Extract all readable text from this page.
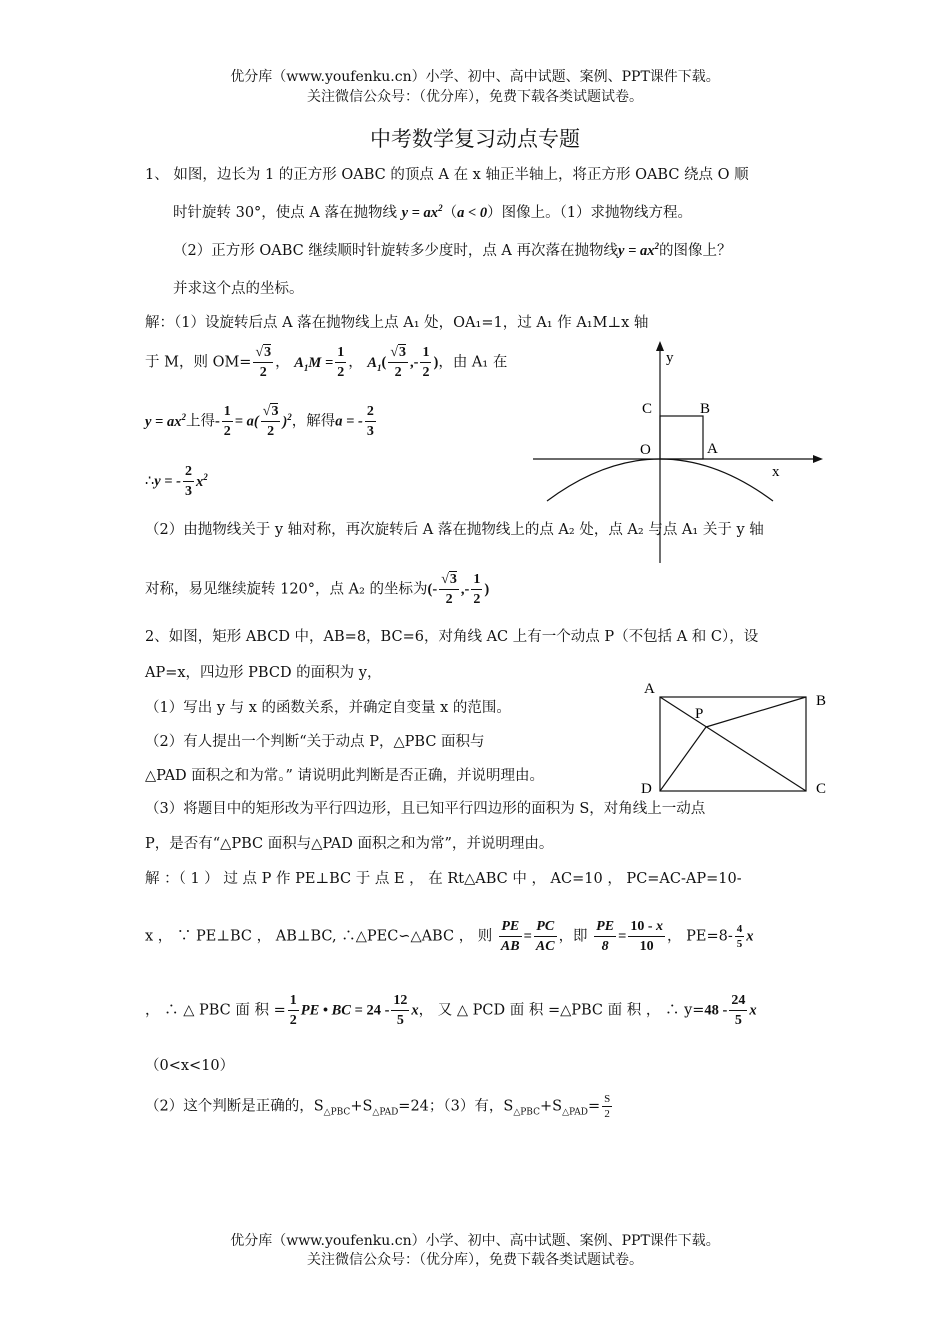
优分库（www.youfenku.cn）小学、初中、高中试题、案例、PPT课件下载。
关注微信公众号：（优分库），免费下载各类试题试卷。
中考数学复习动点专题
1、 如图，边长为 1 的正方形 OABC 的顶点 A 在 x 轴正半轴上，将正方形 OABC 绕点 O 顺
时针旋转 30°，使点 A 落在抛物线 $y = ax^2(a < 0)$图像上。（1）求抛物线方程。
（2）正方形 OABC 继续顺时针旋转多少度时，点 A 再次落在抛物线$y = ax^2$的图像上？
并求这个点的坐标。
解：（1）设旋转后点 A 落在抛物线上点 A₁ 处，OA₁=1，过 A₁ 作 A₁M⊥x 轴
于 M，则 $OM= \frac{√3}{2}$ ， $A_1M = \frac{1}{2}$ ， $A_1( \frac{√3}{2}$ ,- $\frac{1}{2}$ )，由 A₁ 在
$y = ax^2$上得- $\frac{1}{2} = a( \frac{√3}{2} )^2$，解得a = - $\frac{2}{3}$
∴y = - $\frac{2}{3} x^2$
（2）由抛物线关于 y 轴对称，再次旋转后 A 落在抛物线上的点 A₂ 处，点 A₂ 与点 A₁ 关于 y 轴
对称，易见继续旋转 120°，点 A₂ 的坐标为(- $\frac{√3}{2}$ ,- $\frac{1}{2}$ )
y
x
C	B
O	A
2、如图，矩形 ABCD 中，AB=8，BC=6，对角线 AC 上有一个动点 P（不包括 A 和 C），设
AP=x，四边形 PBCD 的面积为 y，
（1）写出 y 与 x 的函数关系，并确定自变量 x 的范围。
（2）有人提出一个判断“关于动点 P，△PBC 面积与
△PAD 面积之和为常。” 请说明此判断是否正确，并说明理由。
（3）将题目中的矩形改为平行四边形，且已知平行四边形的面积为 S，对角线上一动点
P，是否有“△PBC 面积与△PAD 面积之和为常”，并说明理由。
A
B
C
D
P
解 ：（ 1 ） 过 点 P 作 PE⊥BC 于 点 E ， 在 Rt△ABC 中 ， AC=10 ， PC=AC-AP=10-
x ， ∵ PE⊥BC ， AB⊥BC, ∴△PEC∽△ABC ， 则 $\frac{PE}{AB} = \frac{PC}{AC}$ ，即 $\frac{PE}{8} = \frac{10 - x}{10}$ ， $PE=8- \frac{4}{5}$ x
， ∴ △ PBC 面 积 = $\frac{1}{2}$ PE • BC = $24 - \frac{12}{5}$ x， 又 △ PCD 面 积 =△PBC 面 积 ， ∴ $y=48 - \frac{24}{5}$ x
（0<x<10）
（2）这个判断是正确的，$S_{\triangle PBC}+S_{\triangle PAD}=24$；（3）有，$S_{\triangle PBC}+S_{\triangle PAD}= \frac{S}{2}$
优分库（www.youfenku.cn）小学、初中、高中试题、案例、PPT课件下载。
关注微信公众号：（优分库），免费下载各类试题试卷。
